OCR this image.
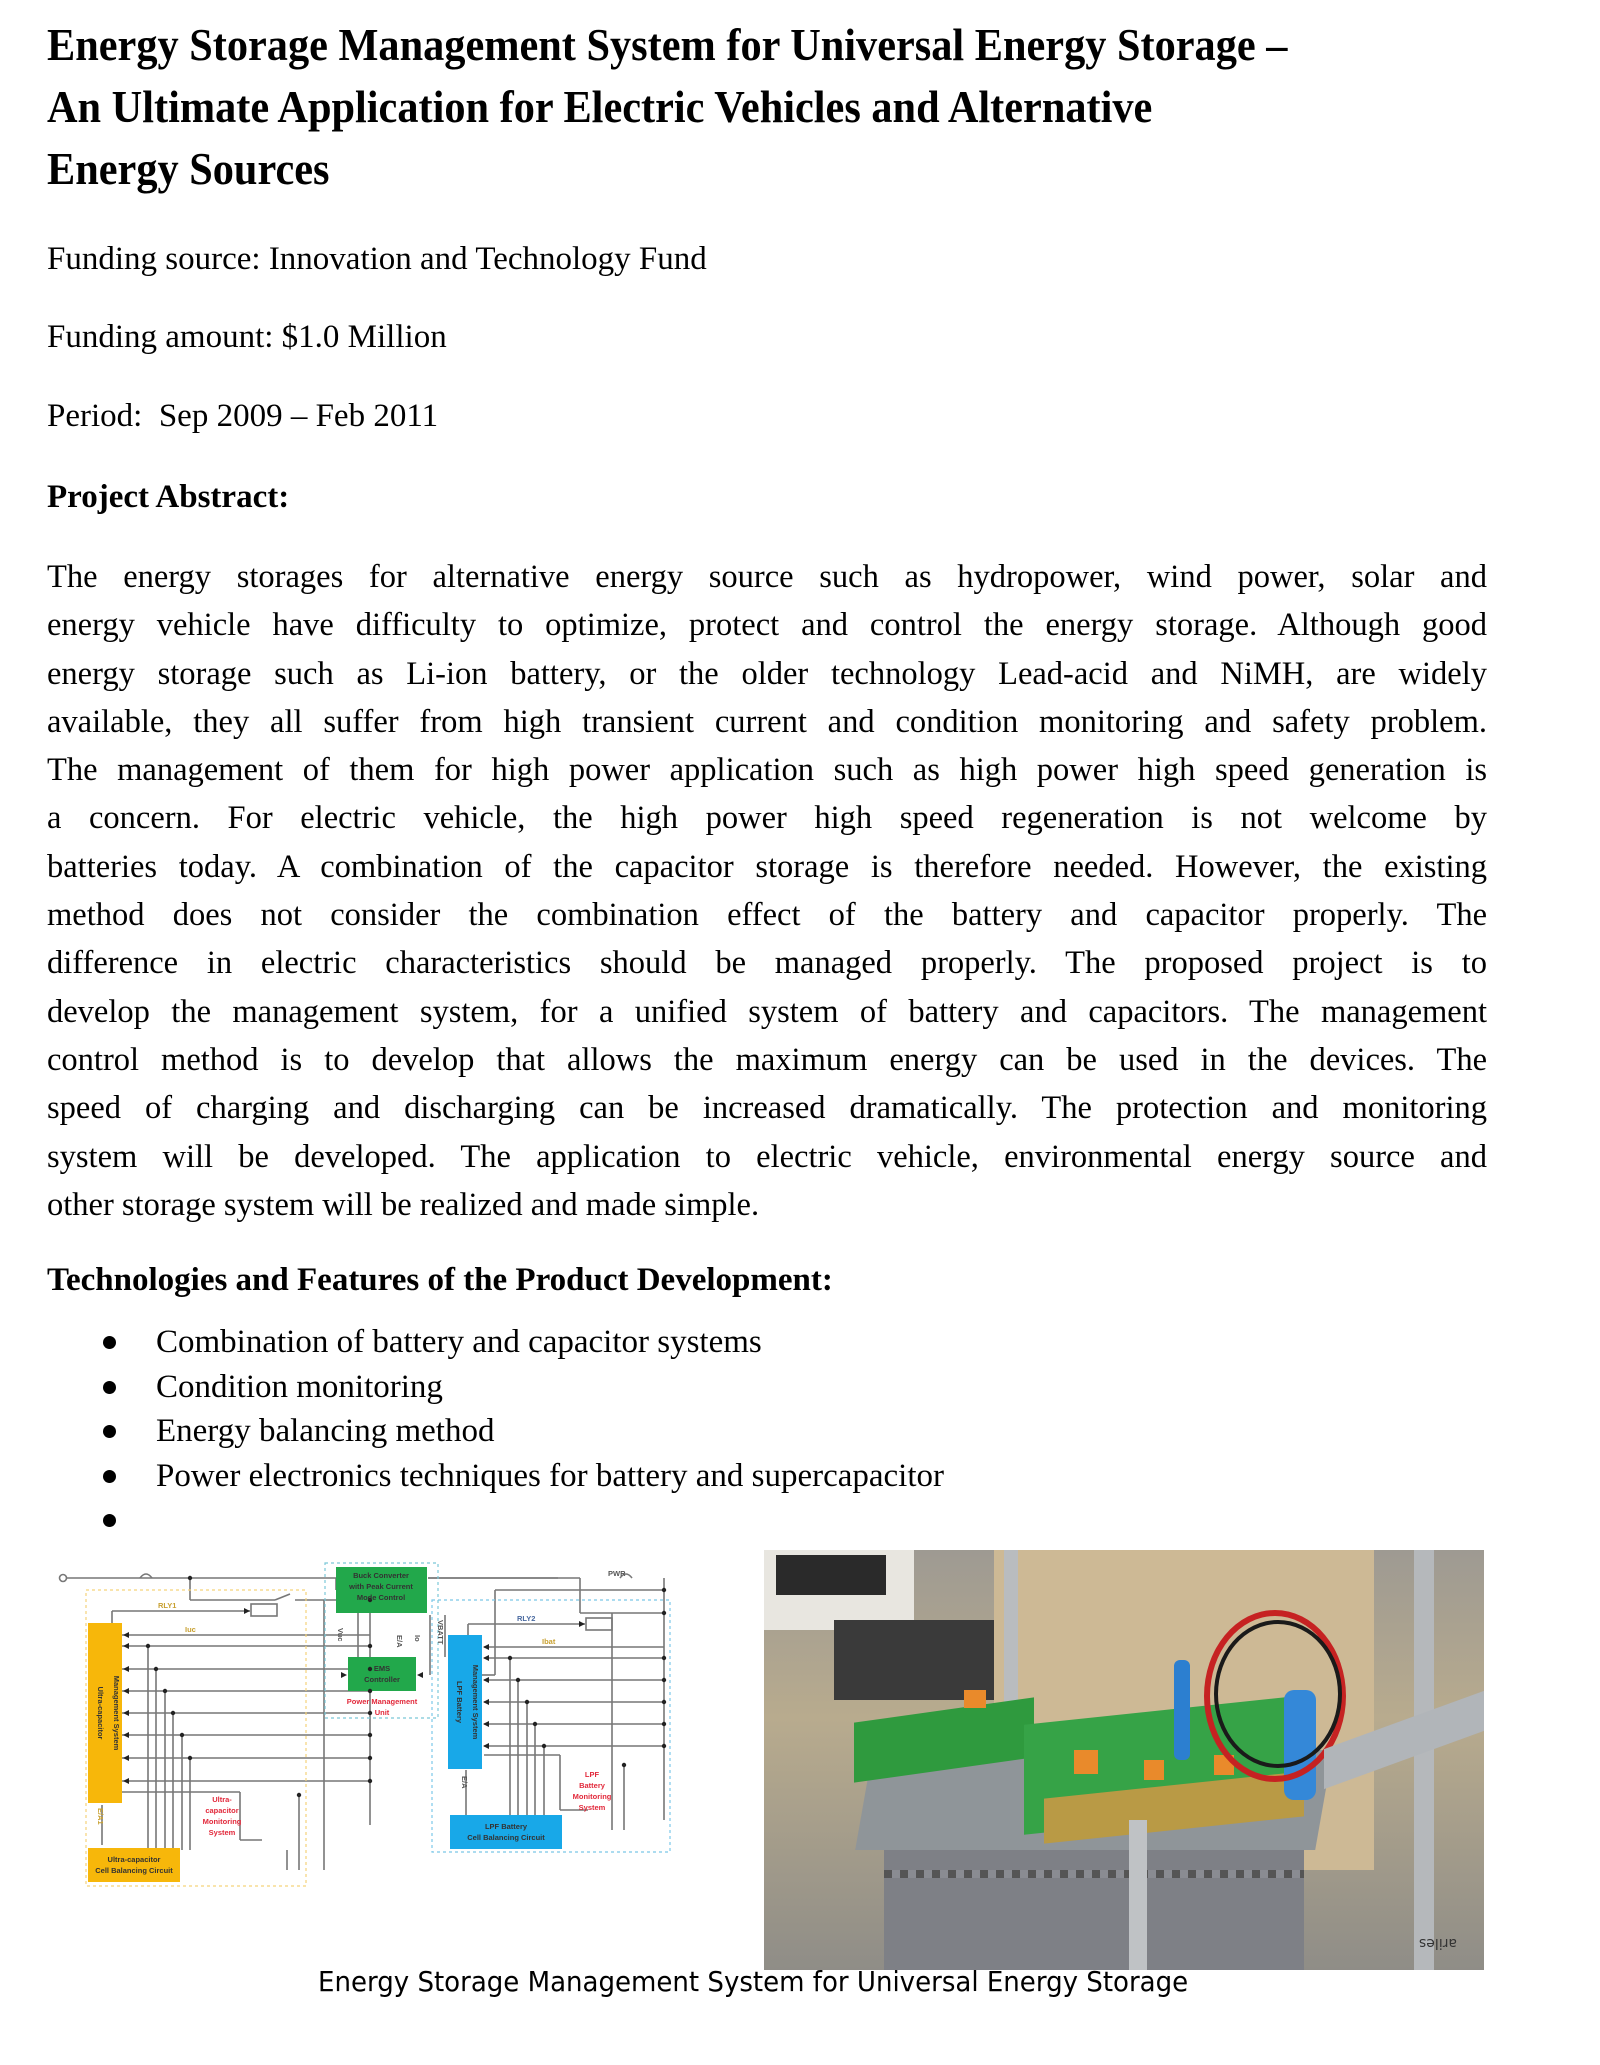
Energy Storage Management System for Universal Energy Storage –
An Ultimate Application for Electric Vehicles and Alternative
Energy Sources
Funding source: Innovation and Technology Fund
Funding amount: $1.0 Million
Period:  Sep 2009 – Feb 2011
Project Abstract:
The energy storages for alternative energy source such as hydropower, wind power, solar and
energy vehicle have difficulty to optimize, protect and control the energy storage. Although good
energy storage such as Li-ion battery, or the older technology Lead-acid and NiMH, are widely
available, they all suffer from high transient current and condition monitoring and safety problem.
The management of them for high power application such as high power high speed generation is
a concern. For electric vehicle, the high power high speed regeneration is not welcome by
batteries today. A combination of the capacitor storage is therefore needed. However, the existing
method does not consider the combination effect of the battery and capacitor properly. The
difference in electric characteristics should be managed properly. The proposed project is to
develop the management system, for a unified system of battery and capacitors. The management
control method is to develop that allows the maximum energy can be used in the devices. The
speed of charging and discharging can be increased dramatically. The protection and monitoring
system will be developed. The application to electric vehicle, environmental energy source and
other storage system will be realized and made simple.
Technologies and Features of the Product Development:
Combination of battery and capacitor systems
Condition monitoring
Energy balancing method
Power electronics techniques for battery and supercapacitor
Buck Converter
with Peak Current
Mode Control
EMS
Controller
Ultra-capacitor
Cell Balancing Circuit
LPF Battery
Cell Balancing Circuit
Ultra-capacitor Management System	LPF Battery Management System
Power Management
Unit
Ultra-
capacitor
Monitoring
System
LPF
Battery
Monitoring
System
RLY1
RLY2
PWR
Iuc
Ibat
Vuc	E/A Io VBATT
E/A1
E/A
ariles
Energy Storage Management System for Universal Energy Storage
